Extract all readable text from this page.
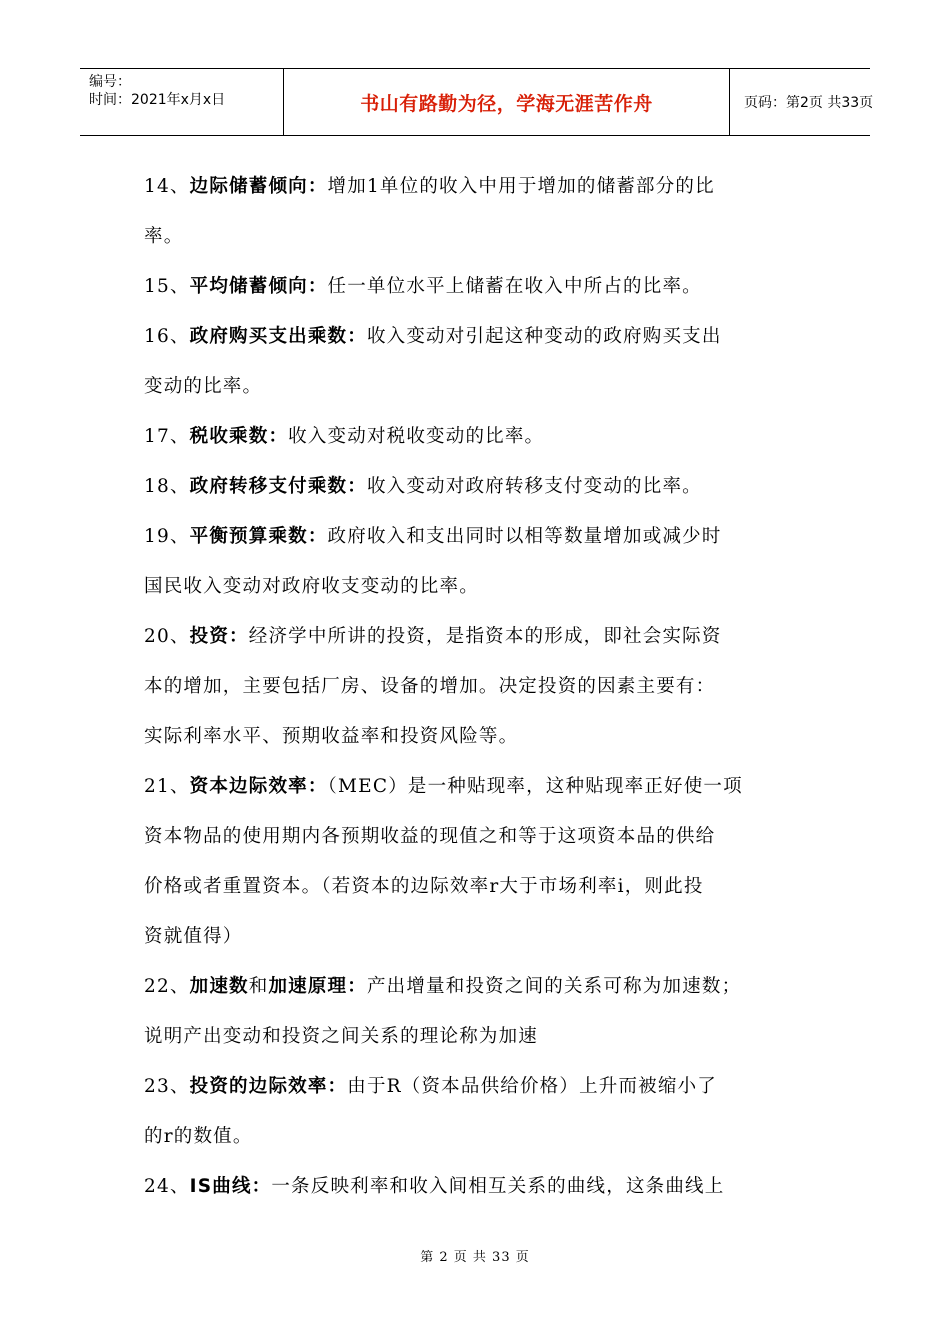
编号：
时间：2021年x月x日	书山有路勤为径，学海无涯苦作舟	页码：第2页 共33页
14、边际储蓄倾向：增加1单位的收入中用于增加的储蓄部分的比
率。
15、平均储蓄倾向：任一单位水平上储蓄在收入中所占的比率。
16、政府购买支出乘数：收入变动对引起这种变动的政府购买支出
变动的比率。
17、税收乘数：收入变动对税收变动的比率。
18、政府转移支付乘数：收入变动对政府转移支付变动的比率。
19、平衡预算乘数：政府收入和支出同时以相等数量增加或减少时
国民收入变动对政府收支变动的比率。
20、投资：经济学中所讲的投资，是指资本的形成，即社会实际资
本的增加，主要包括厂房、设备的增加。决定投资的因素主要有：
实际利率水平、预期收益率和投资风险等。
21、资本边际效率：（MEC）是一种贴现率，这种贴现率正好使一项
资本物品的使用期内各预期收益的现值之和等于这项资本品的供给
价格或者重置资本。（若资本的边际效率r大于市场利率i，则此投
资就值得）
22、加速数和加速原理：产出增量和投资之间的关系可称为加速数；
说明产出变动和投资之间关系的理论称为加速
23、投资的边际效率：由于R（资本品供给价格）上升而被缩小了
的r的数值。
24、IS曲线：一条反映利率和收入间相互关系的曲线，这条曲线上
第 2 页 共 33 页
